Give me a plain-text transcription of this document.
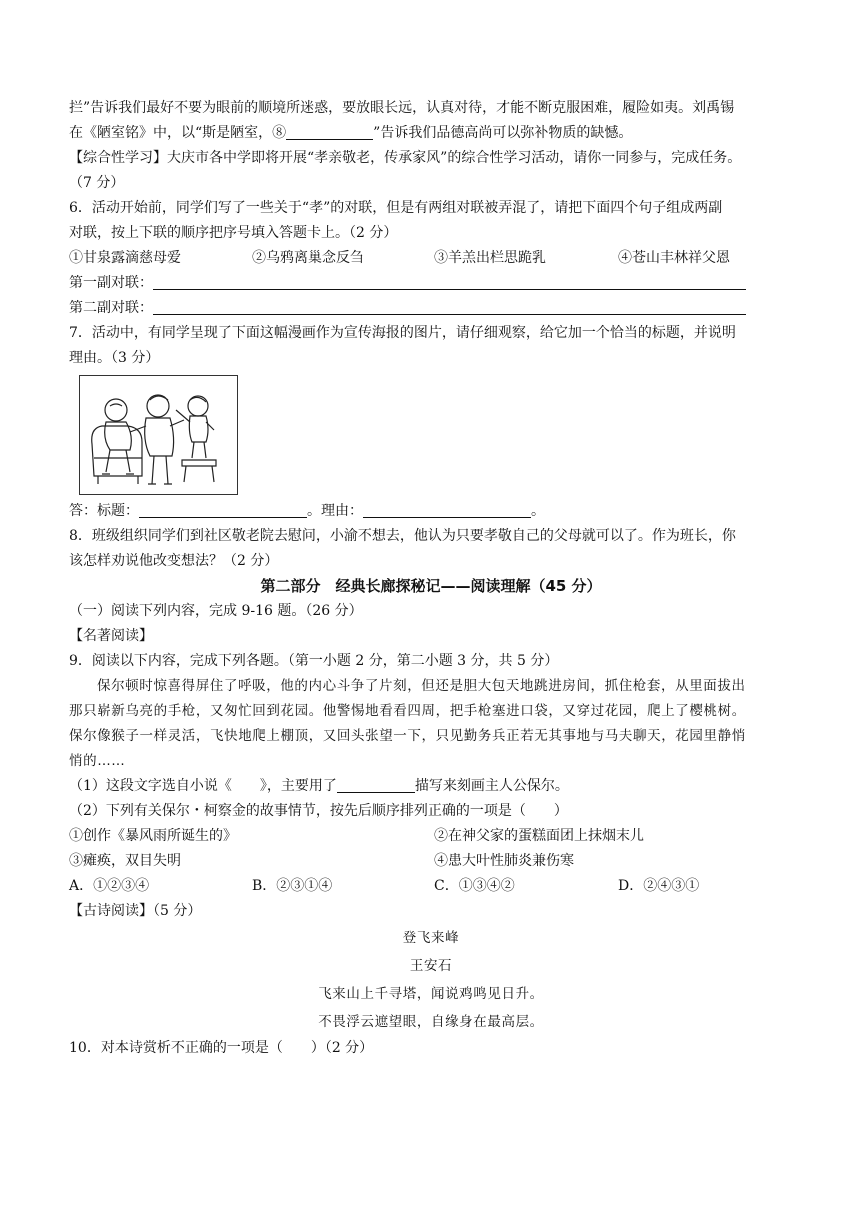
拦”告诉我们最好不要为眼前的顺境所迷惑，要放眼长远，认真对待，才能不断克服困难，履险如夷。刘禹锡
在《陋室铭》中，以“斯是陋室，⑧	”告诉我们品德高尚可以弥补物质的缺憾。
【综合性学习】大庆市各中学即将开展“孝亲敬老，传承家风”的综合性学习活动，请你一同参与，完成任务。
（7 分）
6．活动开始前，同学们写了一些关于“孝”的对联，但是有两组对联被弄混了，请把下面四个句子组成两副
对联，按上下联的顺序把序号填入答题卡上。（2 分）
①甘泉露滴慈母爱	②乌鸦离巢念反刍	③羊羔出栏思跪乳	④苍山丰林祥父恩
第一副对联：
第二副对联：
7．活动中，有同学呈现了下面这幅漫画作为宣传海报的图片，请仔细观察，给它加一个恰当的标题，并说明
理由。（3 分）
答：标题：	。理由：	。
8．班级组织同学们到社区敬老院去慰问，小渝不想去，他认为只要孝敬自己的父母就可以了。作为班长，你
该怎样劝说他改变想法？（2 分）
第二部分　经典长廊探秘记——阅读理解（45 分）
（一）阅读下列内容，完成 9-16 题。（26 分）
【名著阅读】
9．阅读以下内容，完成下列各题。（第一小题 2 分，第二小题 3 分，共 5 分）
保尔顿时惊喜得屏住了呼吸，他的内心斗争了片刻，但还是胆大包天地跳进房间，抓住枪套，从里面拔出
那只崭新乌亮的手枪，又匆忙回到花园。他警惕地看看四周，把手枪塞进口袋，又穿过花园，爬上了樱桃树。
保尔像猴子一样灵活，飞快地爬上棚顶，又回头张望一下，只见勤务兵正若无其事地与马夫聊天，花园里静悄
悄的……
（1）这段文字选自小说《　　》，主要用了	描写来刻画主人公保尔。
（2）下列有关保尔・柯察金的故事情节，按先后顺序排列正确的一项是（　　）
①创作《暴风雨所诞生的》	②在神父家的蛋糕面团上抹烟末儿
③瘫痪，双目失明	④患大叶性肺炎兼伤寒
A．①②③④	B．②③①④	C．①③④②	D．②④③①
【古诗阅读】（5 分）
登飞来峰
王安石
飞来山上千寻塔，闻说鸡鸣见日升。
不畏浮云遮望眼，自缘身在最高层。
10．对本诗赏析不正确的一项是（　　）（2 分）
